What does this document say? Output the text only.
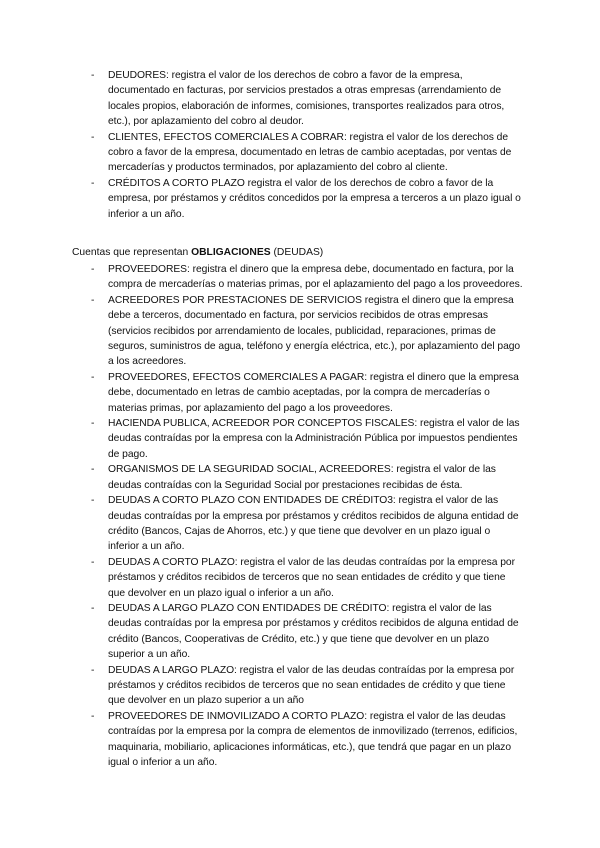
- DEUDORES: registra el valor de los derechos de cobro a favor de la empresa, documentado en facturas, por servicios prestados a otras empresas (arrendamiento de locales propios, elaboración de informes, comisiones, transportes realizados para otros, etc.), por aplazamiento del cobro al deudor.
- CLIENTES, EFECTOS COMERCIALES A COBRAR: registra el valor de los derechos de cobro a favor de la empresa, documentado en letras de cambio aceptadas, por ventas de mercaderías y productos terminados, por aplazamiento del cobro al cliente.
- CRÉDITOS A CORTO PLAZO registra el valor de los derechos de cobro a favor de la empresa, por préstamos y créditos concedidos por la empresa a terceros a un plazo igual o inferior a un año.

Cuentas que representan OBLIGACIONES (DEUDAS)

- PROVEEDORES: registra el dinero que la empresa debe, documentado en factura, por la compra de mercaderías o materias primas, por el aplazamiento del pago a los proveedores.
- ACREEDORES POR PRESTACIONES DE SERVICIOS registra el dinero que la empresa debe a terceros, documentado en factura, por servicios recibidos de otras empresas (servicios recibidos por arrendamiento de locales, publicidad, reparaciones, primas de seguros, suministros de agua, teléfono y energía eléctrica, etc.), por aplazamiento del pago a los acreedores.
- PROVEEDORES, EFECTOS COMERCIALES A PAGAR: registra el dinero que la empresa debe, documentado en letras de cambio aceptadas, por la compra de mercaderías o materias primas, por aplazamiento del pago a los proveedores.
- HACIENDA PUBLICA, ACREEDOR POR CONCEPTOS FISCALES: registra el valor de las deudas contraídas por la empresa con la Administración Pública por impuestos pendientes de pago.
- ORGANISMOS DE LA SEGURIDAD SOCIAL, ACREEDORES: registra el valor de las deudas contraídas con la Seguridad Social por prestaciones recibidas de ésta.
- DEUDAS A CORTO PLAZO CON ENTIDADES DE CRÉDITO3: registra el valor de las deudas contraídas por la empresa por préstamos y créditos recibidos de alguna entidad de crédito (Bancos, Cajas de Ahorros, etc.) y que tiene que devolver en un plazo igual o inferior a un año.
- DEUDAS A CORTO PLAZO: registra el valor de las deudas contraídas por la empresa por préstamos y créditos recibidos de terceros que no sean entidades de crédito y que tiene que devolver en un plazo igual o inferior a un año.
- DEUDAS A LARGO PLAZO CON ENTIDADES DE CRÉDITO: registra el valor de las deudas contraídas por la empresa por préstamos y créditos recibidos de alguna entidad de crédito (Bancos, Cooperativas de Crédito, etc.) y que tiene que devolver en un plazo superior a un año.
- DEUDAS A LARGO PLAZO: registra el valor de las deudas contraídas por la empresa por préstamos y créditos recibidos de terceros que no sean entidades de crédito y que tiene que devolver en un plazo superior a un año
- PROVEEDORES DE INMOVILIZADO A CORTO PLAZO: registra el valor de las deudas contraídas por la empresa por la compra de elementos de inmovilizado (terrenos, edificios, maquinaria, mobiliario, aplicaciones informáticas, etc.), que tendrá que pagar en un plazo igual o inferior a un año.
